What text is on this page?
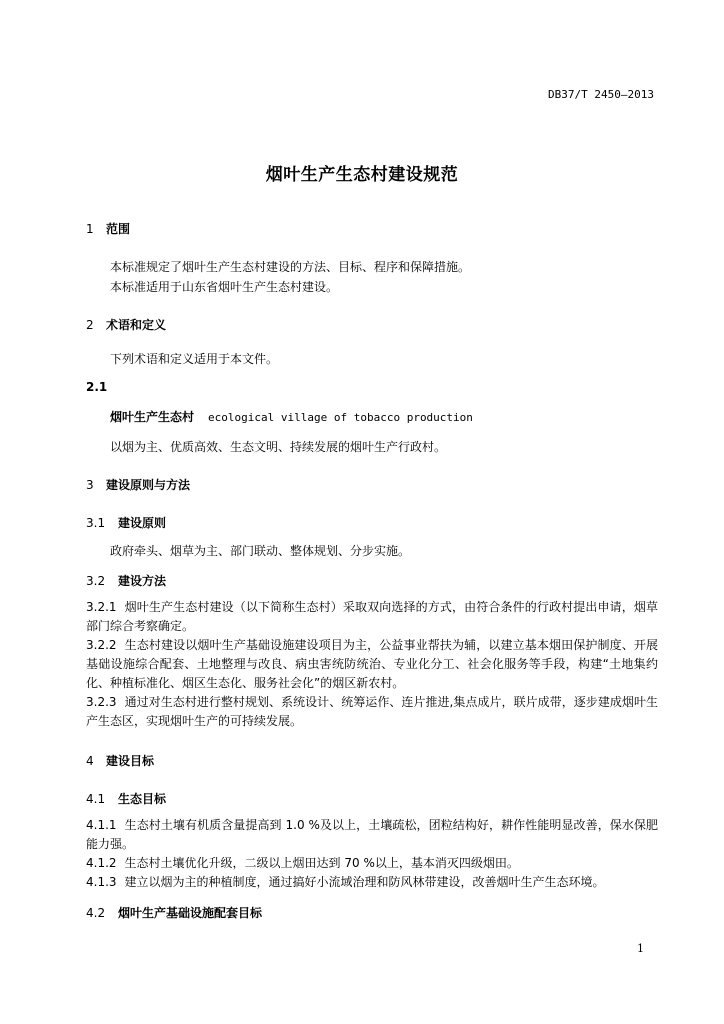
DB37/T 2450—2013
烟叶生产生态村建设规范
1 范围
本标准规定了烟叶生产生态村建设的方法、目标、程序和保障措施。
本标准适用于山东省烟叶生产生态村建设。
2 术语和定义
下列术语和定义适用于本文件。
2.1
烟叶生产生态村 ecological village of tobacco production
以烟为主、优质高效、生态文明、持续发展的烟叶生产行政村。
3 建设原则与方法
3.1 建设原则
政府牵头、烟草为主、部门联动、整体规划、分步实施。
3.2 建设方法
3.2.1 烟叶生产生态村建设（以下简称生态村）采取双向选择的方式，由符合条件的行政村提出申请，烟草部门综合考察确定。
3.2.2 生态村建设以烟叶生产基础设施建设项目为主，公益事业帮扶为辅，以建立基本烟田保护制度、开展基础设施综合配套、土地整理与改良、病虫害统防统治、专业化分工、社会化服务等手段，构建“土地集约化、种植标准化、烟区生态化、服务社会化”的烟区新农村。
3.2.3 通过对生态村进行整村规划、系统设计、统筹运作、连片推进,集点成片，联片成带，逐步建成烟叶生产生态区，实现烟叶生产的可持续发展。
4 建设目标
4.1 生态目标
4.1.1 生态村土壤有机质含量提高到 1.0 %及以上，土壤疏松，团粒结构好，耕作性能明显改善，保水保肥能力强。
4.1.2 生态村土壤优化升级，二级以上烟田达到 70 %以上，基本消灭四级烟田。
4.1.3 建立以烟为主的种植制度，通过搞好小流域治理和防风林带建设，改善烟叶生产生态环境。
4.2 烟叶生产基础设施配套目标
1
